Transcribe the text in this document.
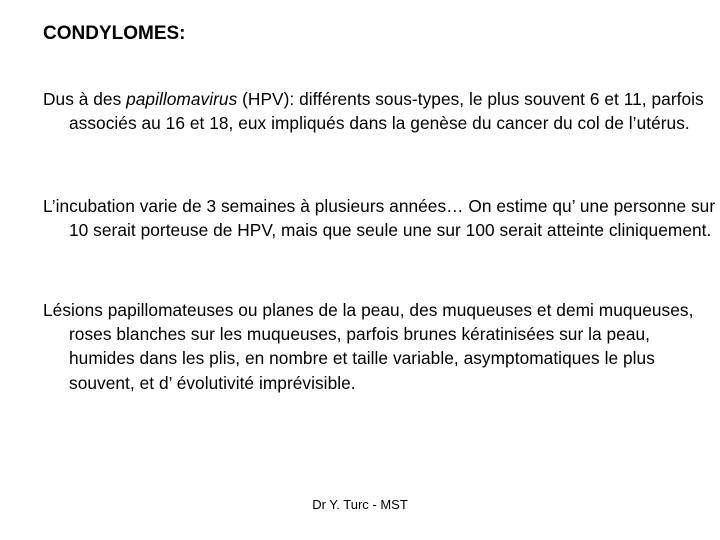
CONDYLOMES:

Dus à des papillomavirus (HPV): différents sous-types, le plus souvent 6 et 11, parfois associés au 16 et 18, eux impliqués dans la genèse du cancer du col de l’utérus.

L’incubation varie de 3 semaines à plusieurs années… On estime qu’ une personne sur 10 serait porteuse de HPV, mais que seule une sur 100 serait atteinte cliniquement.

Lésions papillomateuses ou planes de la peau, des muqueuses et demi muqueuses, roses blanches sur les muqueuses, parfois brunes kératinisées sur la peau, humides dans les plis, en nombre et taille variable, asymptomatiques le plus souvent, et d’ évolutivité imprévisible.

Dr Y. Turc - MST
